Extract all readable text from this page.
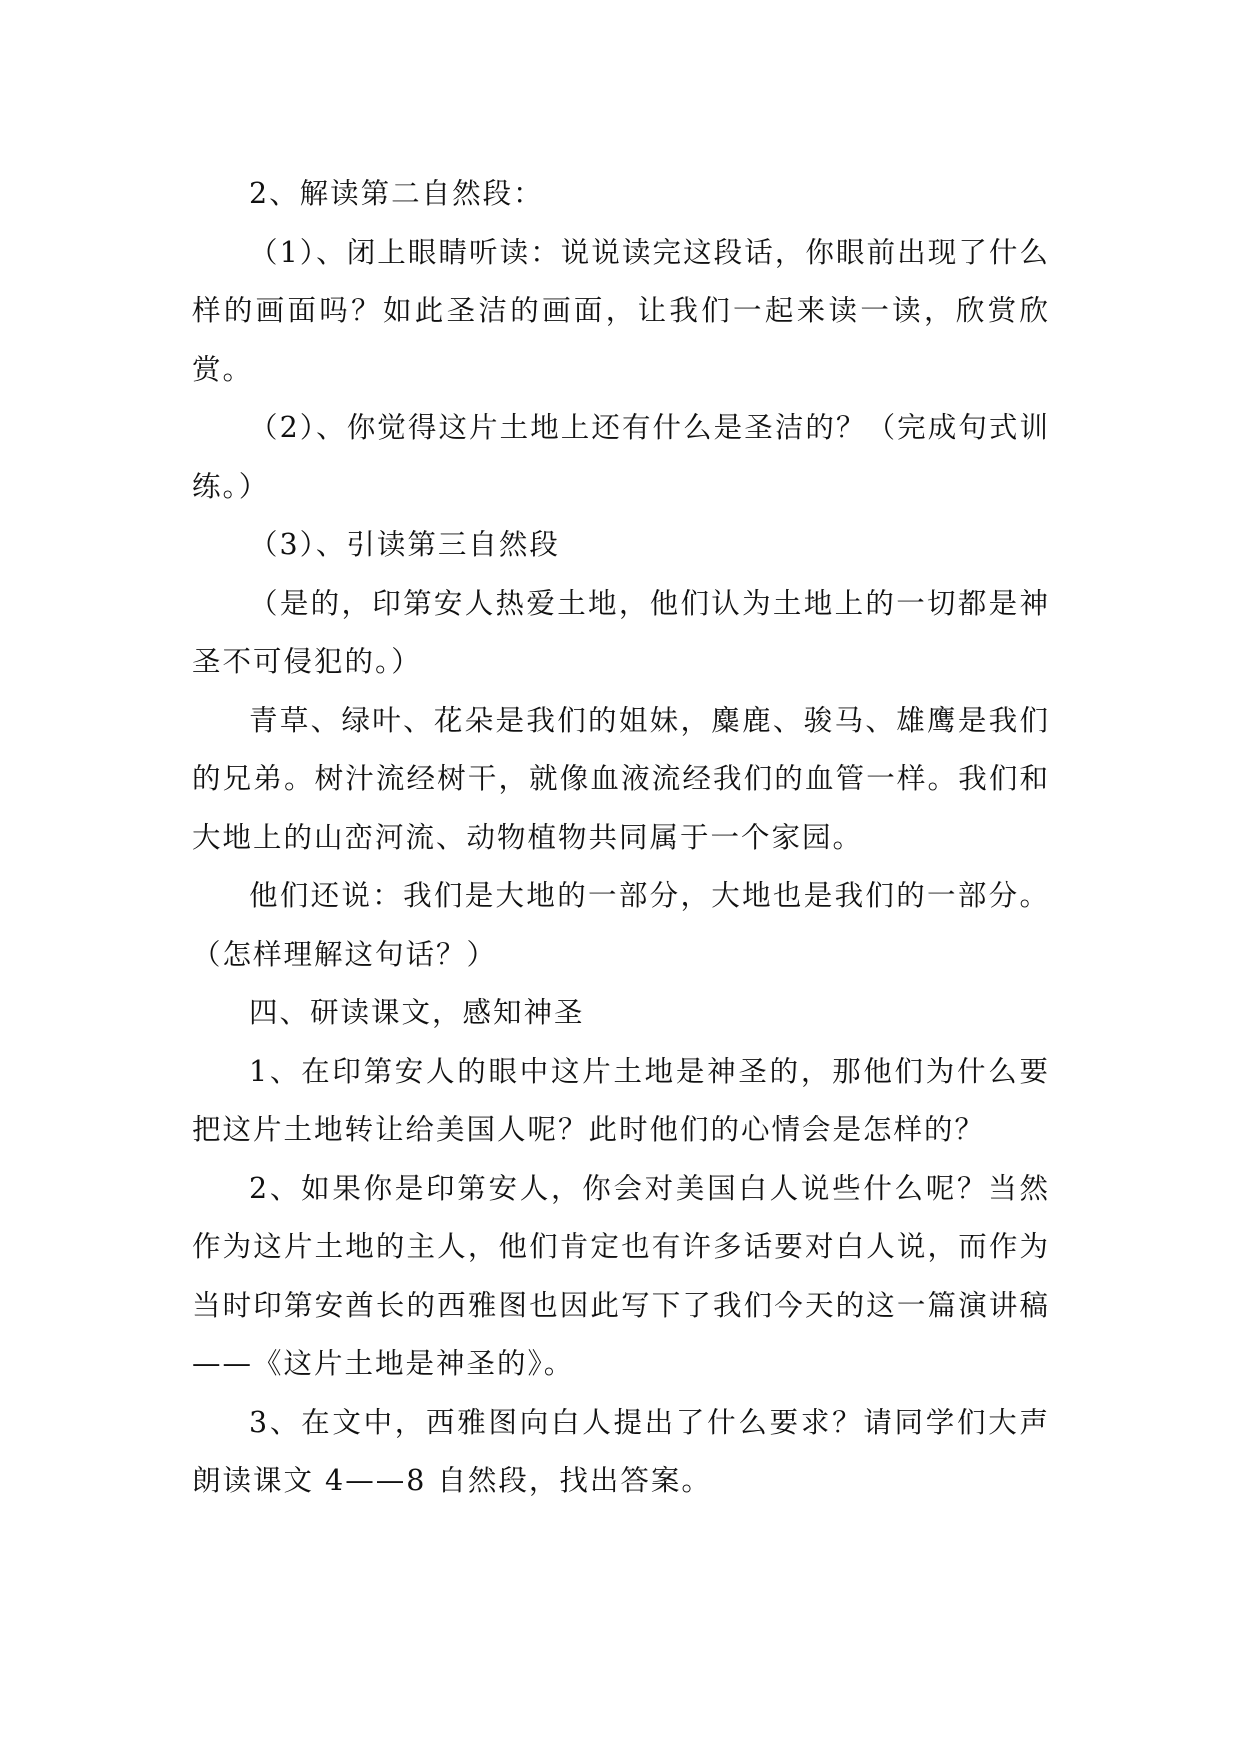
2、解读第二自然段：

（1）、闭上眼睛听读：说说读完这段话，你眼前出现了什么样的画面吗？如此圣洁的画面，让我们一起来读一读，欣赏欣赏。

（2）、你觉得这片土地上还有什么是圣洁的？（完成句式训练。）

（3）、引读第三自然段

（是的，印第安人热爱土地，他们认为土地上的一切都是神圣不可侵犯的。）

青草、绿叶、花朵是我们的姐妹，麋鹿、骏马、雄鹰是我们的兄弟。树汁流经树干，就像血液流经我们的血管一样。我们和大地上的山峦河流、动物植物共同属于一个家园。

他们还说：我们是大地的一部分，大地也是我们的一部分。（怎样理解这句话？）

四、研读课文，感知神圣

1、在印第安人的眼中这片土地是神圣的，那他们为什么要把这片土地转让给美国人呢？此时他们的心情会是怎样的？

2、如果你是印第安人，你会对美国白人说些什么呢？当然作为这片土地的主人，他们肯定也有许多话要对白人说，而作为当时印第安酋长的西雅图也因此写下了我们今天的这一篇演讲稿——《这片土地是神圣的》。

3、在文中，西雅图向白人提出了什么要求？请同学们大声朗读课文 4——8 自然段，找出答案。
